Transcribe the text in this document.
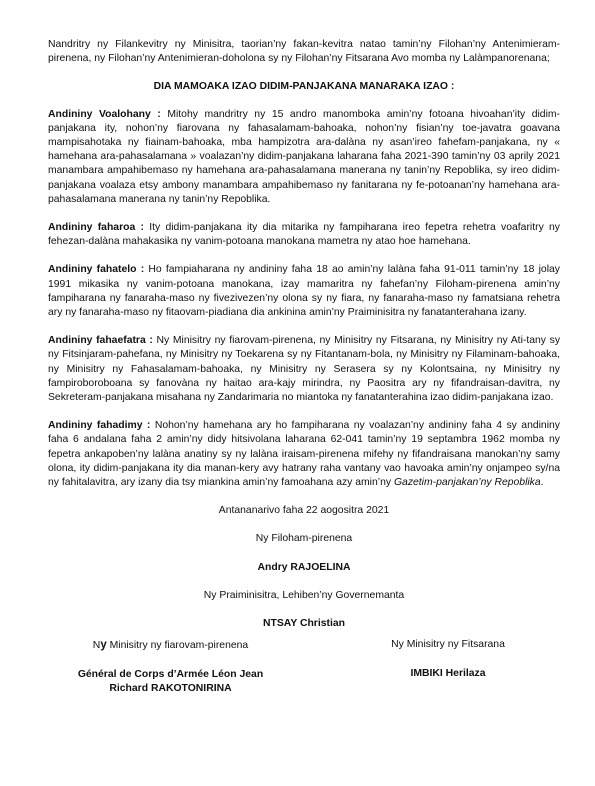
Nandritry ny Filankevitry ny Minisitra, taorian’ny fakan-kevitra natao tamin’ny Filohan’ny Antenimieram-pirenena, ny Filohan’ny Antenimieran-doholona sy ny Filohan’ny Fitsarana Avo momba ny Lalàmpanorenana;

DIA MAMOAKA IZAO DIDIM-PANJAKANA MANARAKA IZAO :

Andininy Voalohany : Mitohy mandritry ny 15 andro manomboka amin’ny fotoana hivoahan’ity didim-panjakana ity, nohon’ny fiarovana ny fahasalamam-bahoaka, nohon’ny fisian’ny toe-javatra goavana mampisahotaka ny fiainam-bahoaka, mba hampizotra ara-dalàna ny asan’ireo fahefam-panjakana, ny « hamehana ara-pahasalamana » voalazan’ny didim-panjakana laharana faha 2021-390 tamin’ny 03 aprily 2021 manambara ampahibemaso ny hamehana ara-pahasalamana manerana ny tanin’ny Repoblika, sy ireo didim-panjakana voalaza etsy ambony manambara ampahibemaso ny fanitarana ny fe-potoanan’ny hamehana ara-pahasalamana manerana ny tanin’ny Repoblika.

Andininy faharoa : Ity didim-panjakana ity dia mitarika ny fampiharana ireo fepetra rehetra voafaritry ny fehezan-dalàna mahakasika ny vanim-potoana manokana mametra ny atao hoe hamehana.

Andininy fahatelo : Ho fampiaharana ny andininy faha 18 ao amin’ny lalàna faha 91-011 tamin’ny 18 jolay 1991 mikasika ny vanim-potoana manokana, izay mamaritra ny fahefan’ny Filoham-pirenena amin’ny fampiharana ny fanaraha-maso ny fivezivezen’ny olona sy ny fiara, ny fanaraha-maso ny famatsiana rehetra ary ny fanaraha-maso ny fitaovam-piadiana dia ankinina amin’ny Praiminisitra ny fanatanterahana izany.

Andininy fahaefatra : Ny Minisitry ny fiarovam-pirenena, ny Minisitry ny Fitsarana, ny Minisitry ny Ati-tany sy ny Fitsinjaram-pahefana, ny Minisitry ny Toekarena sy ny Fitantanam-bola, ny Minisitry ny Filaminam-bahoaka, ny Minisitry ny Fahasalamam-bahoaka, ny Minisitry ny Serasera sy ny Kolontsaina, ny Minisitry ny fampiroboroboana sy fanovàna ny haitao ara-kajy mirindra, ny Paositra ary ny fifandraisan-davitra, ny Sekreteram-panjakana misahana ny Zandarimaria no miantoka ny fanatanterahina izao didim-panjakana izao.

Andininy fahadimy : Nohon’ny hamehana ary ho fampiharana ny voalazan’ny andininy faha 4 sy andininy faha 6 andalana faha 2 amin’ny didy hitsivolana laharana 62-041 tamin’ny 19 septambra 1962 momba ny fepetra ankapoben’ny lalàna anatiny sy ny lalàna iraisam-pirenena mifehy ny fifandraisana manokan’ny samy olona, ity didim-panjakana ity dia manan-kery avy hatrany raha vantany vao havoaka amin’ny onjampeo sy/na ny fahitalavitra, ary izany dia tsy miankina amin’ny famoahana azy amin’ny Gazetim-panjakan’ny Repoblika.

Antananarivo faha 22 aogositra 2021

Ny Filoham-pirenena

Andry RAJOELINA

Ny Praiminisitra, Lehiben’ny Governemanta

NTSAY Christian

Ny Minisitry ny fiarovam-pirenena

Général de Corps d’Armée Léon Jean

Richard RAKOTONIRINA

Ny Minisitry ny Fitsarana

IMBIKI Herilaza
